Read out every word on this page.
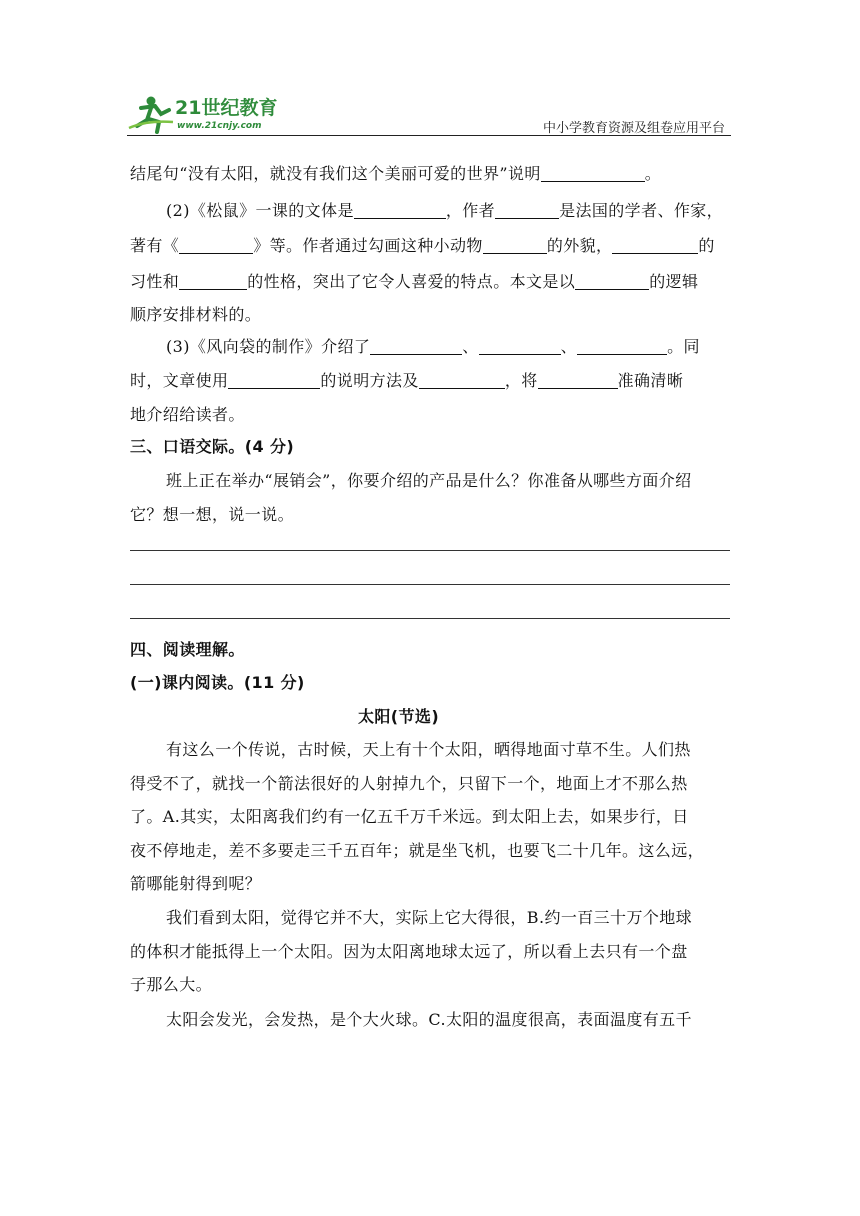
21世纪教育
www.21cnjy.com	中小学教育资源及组卷应用平台
结尾句“没有太阳，就没有我们这个美丽可爱的世界”说明	。
(2)《松鼠》一课的文体是	，作者	是法国的学者、作家，
著有《	》等。作者通过勾画这种小动物	的外貌，	的
习性和	的性格，突出了它令人喜爱的特点。本文是以	的逻辑
顺序安排材料的。
(3)《风向袋的制作》介绍了	、	、	。同
时，文章使用	的说明方法及	，将	准确清晰
地介绍给读者。
三、口语交际。(4 分)
班上正在举办“展销会”，你要介绍的产品是什么？你准备从哪些方面介绍
它？想一想，说一说。
四、阅读理解。
(一)课内阅读。(11 分)
太阳(节选)
有这么一个传说，古时候，天上有十个太阳，晒得地面寸草不生。人们热
得受不了，就找一个箭法很好的人射掉九个，只留下一个，地面上才不那么热
了。A.其实，太阳离我们约有一亿五千万千米远。到太阳上去，如果步行，日
夜不停地走，差不多要走三千五百年；就是坐飞机，也要飞二十几年。这么远，
箭哪能射得到呢？
我们看到太阳，觉得它并不大，实际上它大得很，B.约一百三十万个地球
的体积才能抵得上一个太阳。因为太阳离地球太远了，所以看上去只有一个盘
子那么大。
太阳会发光，会发热，是个大火球。C.太阳的温度很高，表面温度有五千
